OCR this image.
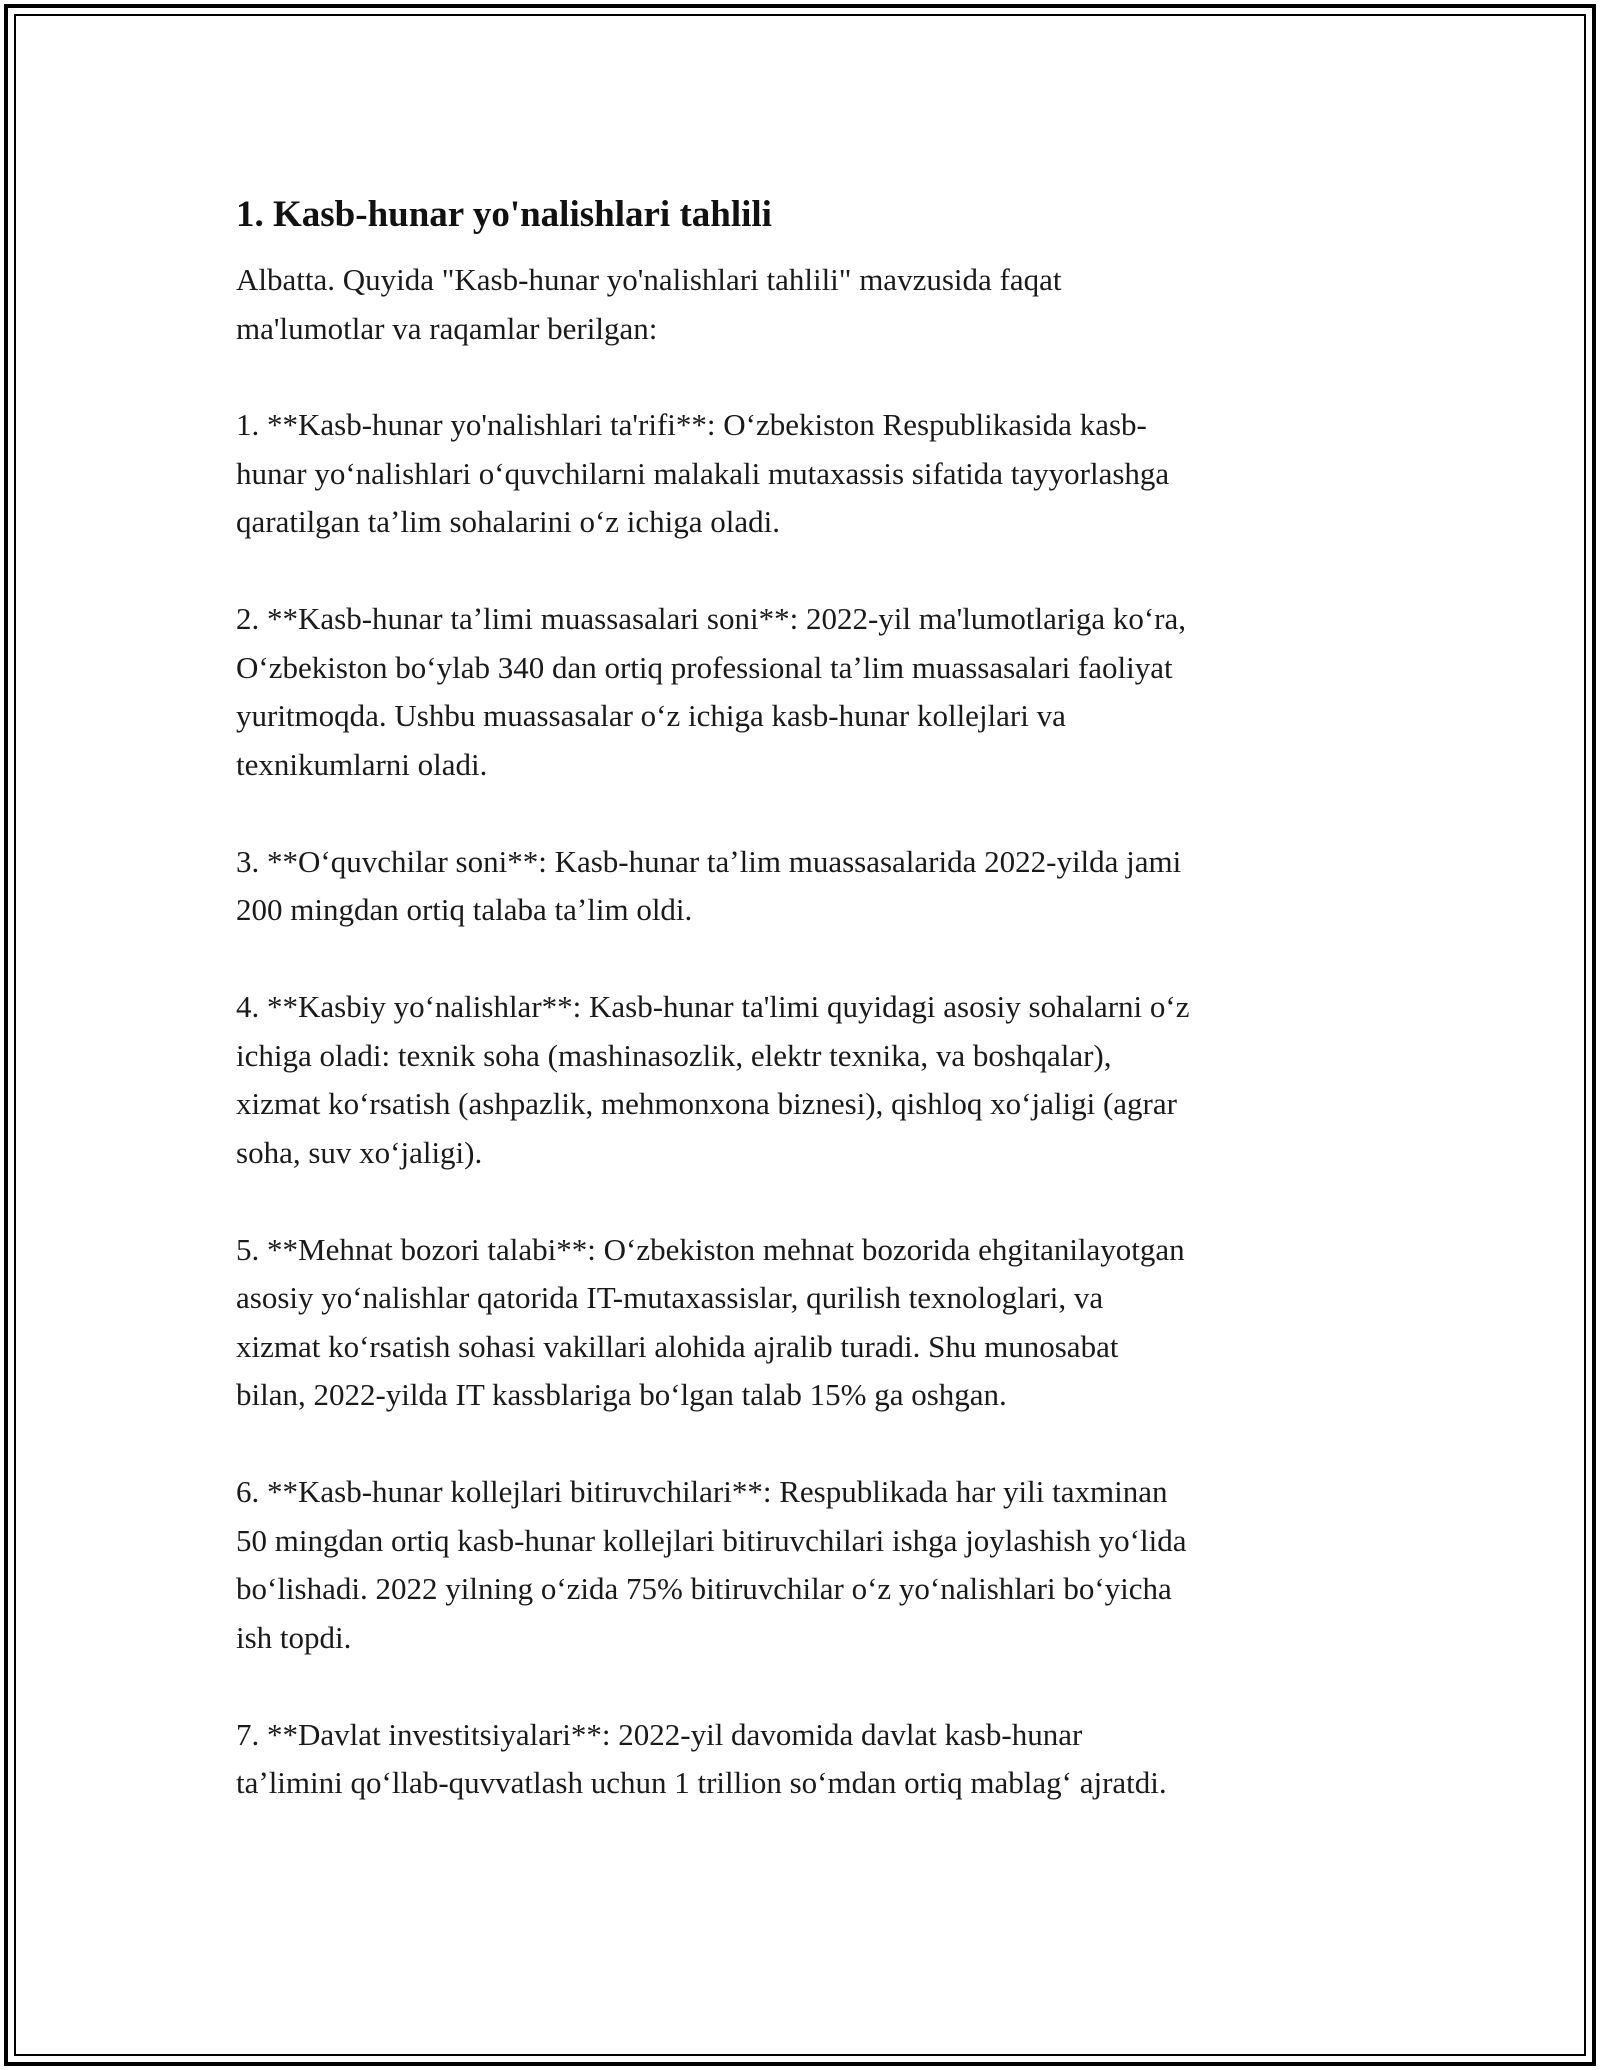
1. Kasb-hunar yo'nalishlari tahlili

Albatta. Quyida "Kasb-hunar yo'nalishlari tahlili" mavzusida faqat
ma'lumotlar va raqamlar berilgan:

1. **Kasb-hunar yo'nalishlari ta'rifi**: Oʻzbekiston Respublikasida kasb-
hunar yoʻnalishlari oʻquvchilarni malakali mutaxassis sifatida tayyorlashga
qaratilgan taʼlim sohalarini oʻz ichiga oladi.
2. **Kasb-hunar taʼlimi muassasalari soni**: 2022-yil ma'lumotlariga koʻra,
Oʻzbekiston boʻylab 340 dan ortiq professional taʼlim muassasalari faoliyat
yuritmoqda. Ushbu muassasalar oʻz ichiga kasb-hunar kollejlari va
texnikumlarni oladi.
3. **Oʻquvchilar soni**: Kasb-hunar taʼlim muassasalarida 2022-yilda jami
200 mingdan ortiq talaba taʼlim oldi.
4. **Kasbiy yoʻnalishlar**: Kasb-hunar ta'limi quyidagi asosiy sohalarni oʻz
ichiga oladi: texnik soha (mashinasozlik, elektr texnika, va boshqalar),
xizmat koʻrsatish (ashpazlik, mehmonxona biznesi), qishloq xoʻjaligi (agrar
soha, suv xoʻjaligi).
5. **Mehnat bozori talabi**: Oʻzbekiston mehnat bozorida ehgitanilayotgan
asosiy yoʻnalishlar qatorida IT-mutaxassislar, qurilish texnologlari, va
xizmat koʻrsatish sohasi vakillari alohida ajralib turadi. Shu munosabat
bilan, 2022-yilda IT kassblariga boʻlgan talab 15% ga oshgan.
6. **Kasb-hunar kollejlari bitiruvchilari**: Respublikada har yili taxminan
50 mingdan ortiq kasb-hunar kollejlari bitiruvchilari ishga joylashish yoʻlida
boʻlishadi. 2022 yilning oʻzida 75% bitiruvchilar oʻz yoʻnalishlari boʻyicha
ish topdi.
7. **Davlat investitsiyalari**: 2022-yil davomida davlat kasb-hunar
taʼlimini qoʻllab-quvvatlash uchun 1 trillion soʻmdan ortiq mablagʻ ajratdi.
